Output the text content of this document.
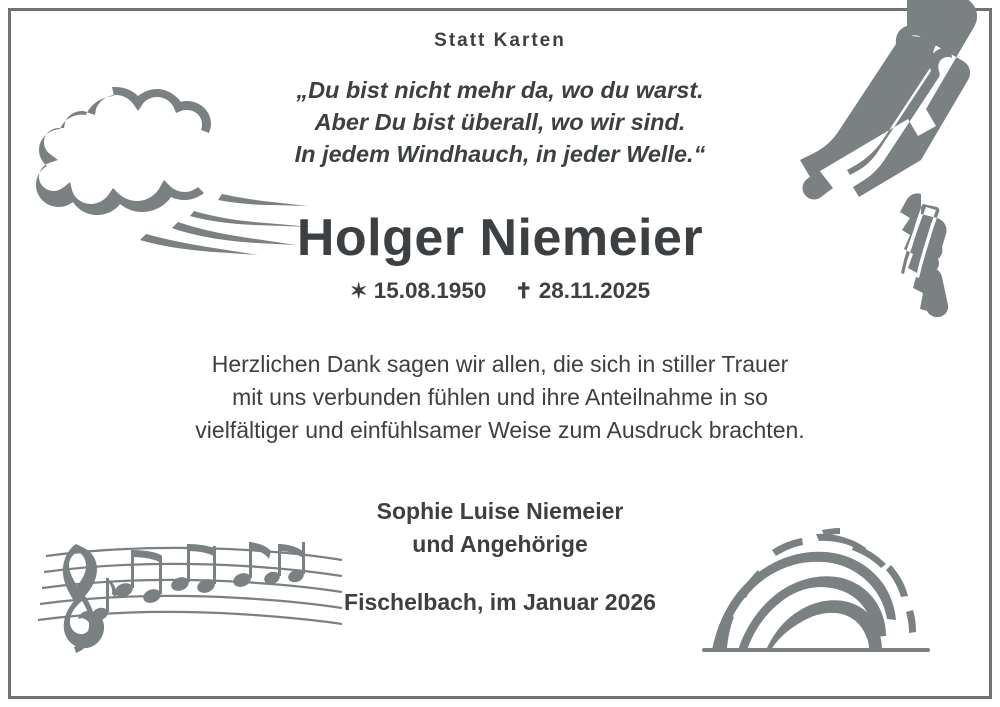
Statt Karten
„Du bist nicht mehr da, wo du warst.
Aber Du bist überall, wo wir sind.
In jedem Windhauch, in jeder Welle.“
Holger Niemeier
✶ 15.08.1950 ✝ 28.11.2025
Herzlichen Dank sagen wir allen, die sich in stiller Trauer
mit uns verbunden fühlen und ihre Anteilnahme in so
vielfältiger und einfühlsamer Weise zum Ausdruck brachten.
Sophie Luise Niemeier
und Angehörige
Fischelbach, im Januar 2026
